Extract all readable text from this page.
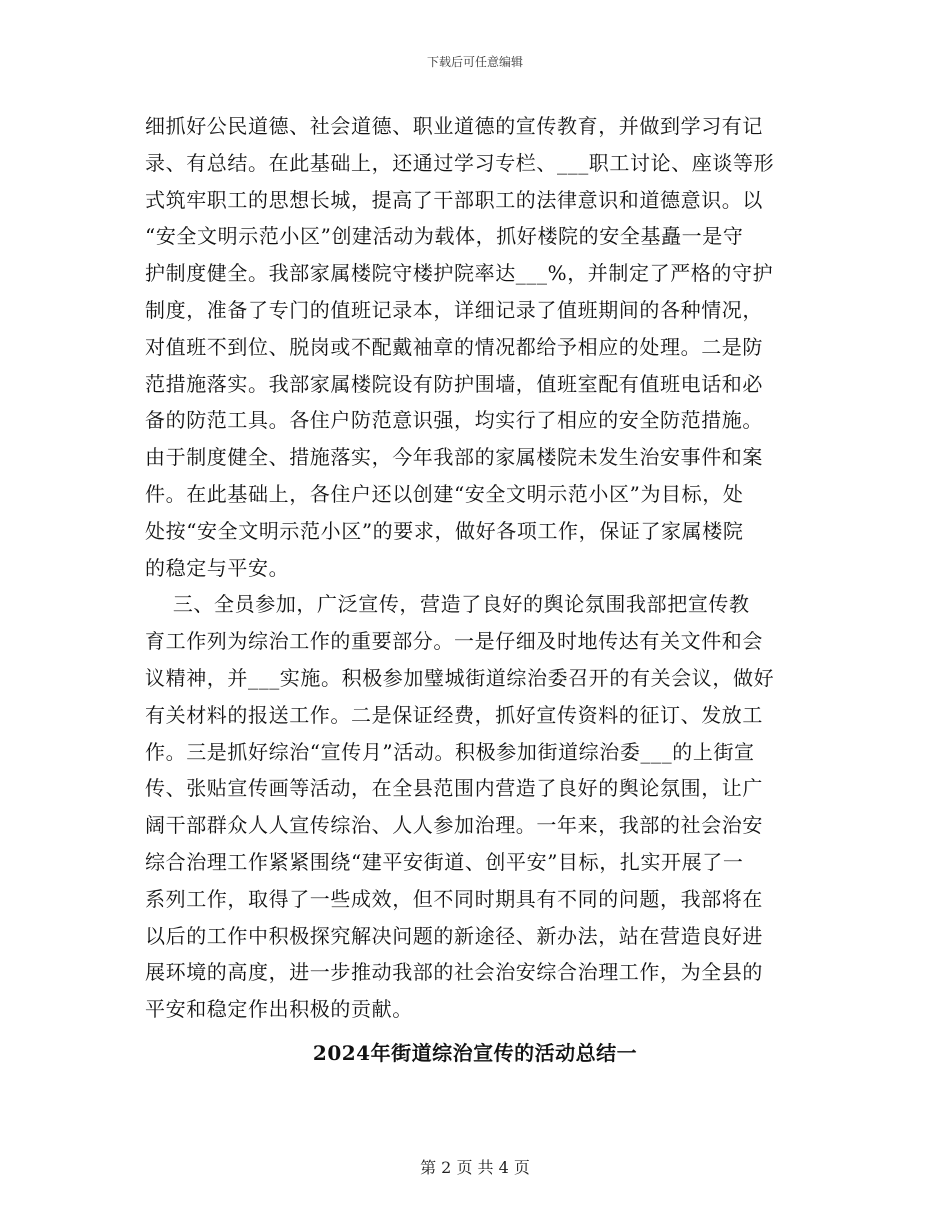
下载后可任意编辑

细抓好公民道德、社会道德、职业道德的宣传教育，并做到学习有记

录、有总结。在此基础上，还通过学习专栏、___职工讨论、座谈等形

式筑牢职工的思想长城，提高了干部职工的法律意识和道德意识。以

“安全文明示范小区”创建活动为载体，抓好楼院的安全基矗一是守

护制度健全。我部家属楼院守楼护院率达___%，并制定了严格的守护

制度，准备了专门的值班记录本，详细记录了值班期间的各种情况，

对值班不到位、脱岗或不配戴袖章的情况都给予相应的处理。二是防

范措施落实。我部家属楼院设有防护围墙，值班室配有值班电话和必

备的防范工具。各住户防范意识强，均实行了相应的安全防范措施。

由于制度健全、措施落实，今年我部的家属楼院未发生治安事件和案

件。在此基础上，各住户还以创建“安全文明示范小区”为目标，处

处按“安全文明示范小区”的要求，做好各项工作，保证了家属楼院

的稳定与平安。

三、全员参加，广泛宣传，营造了良好的舆论氛围我部把宣传教

育工作列为综治工作的重要部分。一是仔细及时地传达有关文件和会

议精神，并___实施。积极参加璧城街道综治委召开的有关会议，做好

有关材料的报送工作。二是保证经费，抓好宣传资料的征订、发放工

作。三是抓好综治“宣传月”活动。积极参加街道综治委___的上街宣

传、张贴宣传画等活动，在全县范围内营造了良好的舆论氛围，让广

阔干部群众人人宣传综治、人人参加治理。一年来，我部的社会治安

综合治理工作紧紧围绕“建平安街道、创平安”目标，扎实开展了一

系列工作，取得了一些成效，但不同时期具有不同的问题，我部将在

以后的工作中积极探究解决问题的新途径、新办法，站在营造良好进

展环境的高度，进一步推动我部的社会治安综合治理工作，为全县的

平安和稳定作出积极的贡献。

2024年街道综治宣传的活动总结一
第 2 页 共 4 页
